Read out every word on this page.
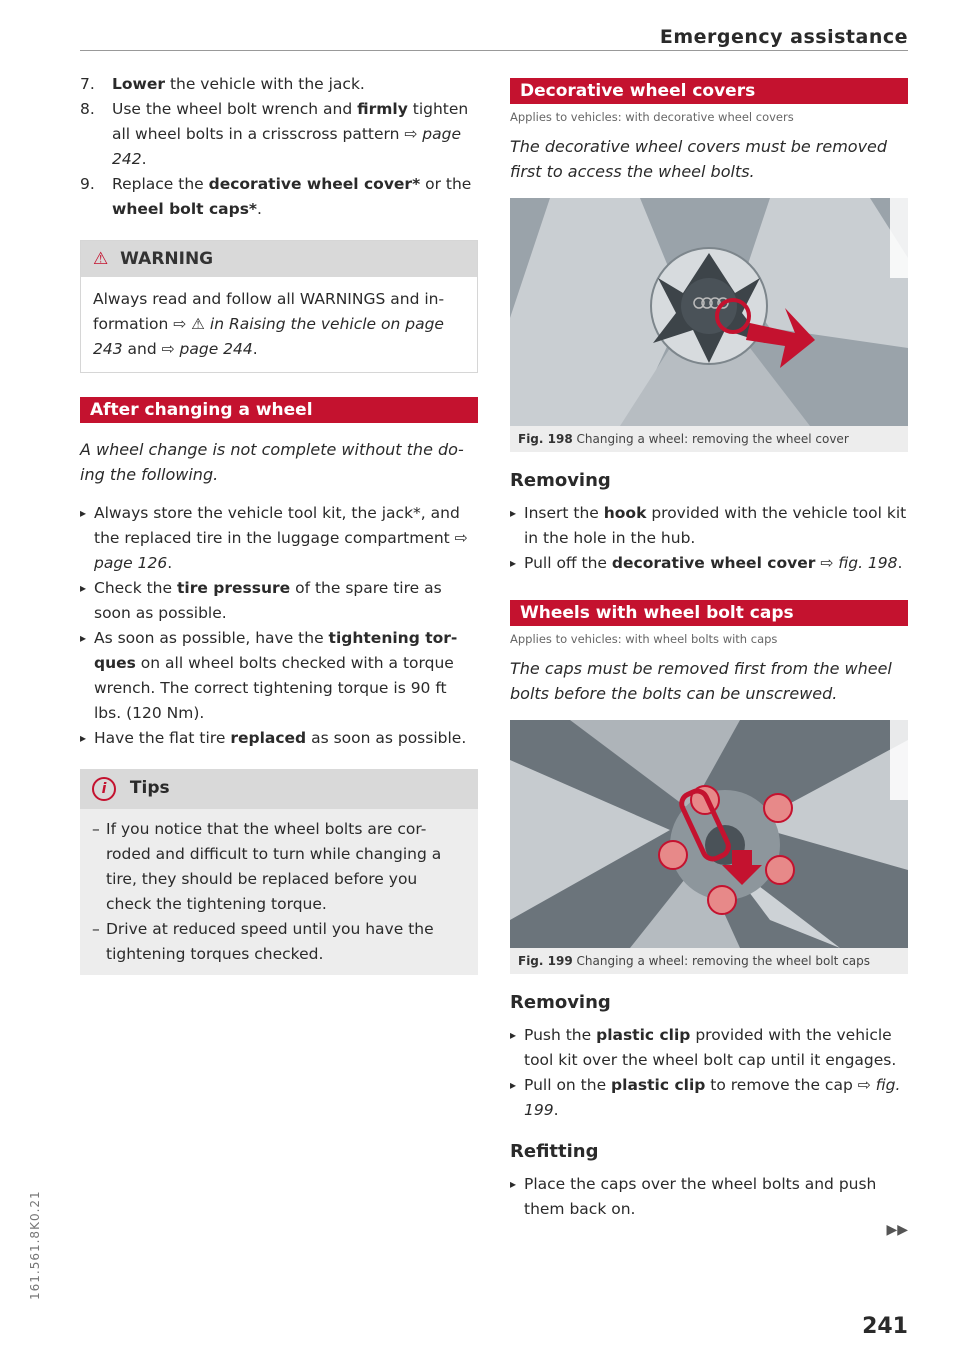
Emergency assistance
7. Lower the vehicle with the jack.
8. Use the wheel bolt wrench and firmly tighten all wheel bolts in a crisscross pattern ⇨ page 242.
9. Replace the decorative wheel cover* or the wheel bolt caps*.
⚠ WARNING
Always read and follow all WARNINGS and in-formation ⇨ ⚠ in Raising the vehicle on page 243 and ⇨ page 244.
After changing a wheel

A wheel change is not complete without the do-ing the following.

▸ Always store the vehicle tool kit, the jack*, and the replaced tire in the luggage compartment ⇨ page 126.
▸ Check the tire pressure of the spare tire as soon as possible.
▸ As soon as possible, have the tightening tor-ques on all wheel bolts checked with a torque wrench. The correct tightening torque is 90 ft lbs. (120 Nm).
▸ Have the flat tire replaced as soon as possible.
i Tips
– If you notice that the wheel bolts are cor-roded and difficult to turn while changing a tire, they should be replaced before you check the tightening torque.
– Drive at reduced speed until you have the tightening torques checked.
Decorative wheel covers
Applies to vehicles: with decorative wheel covers

The decorative wheel covers must be removed first to access the wheel bolts.

Fig. 198 Changing a wheel: removing the wheel cover
Removing
▸ Insert the hook provided with the vehicle tool kit in the hole in the hub.
▸ Pull off the decorative wheel cover ⇨ fig. 198.
Wheels with wheel bolt caps
Applies to vehicles: with wheel bolts with caps

The caps must be removed first from the wheel bolts before the bolts can be unscrewed.

Fig. 199 Changing a wheel: removing the wheel bolt caps
Removing
▸ Push the plastic clip provided with the vehicle tool kit over the wheel bolt cap until it engages.
▸ Pull on the plastic clip to remove the cap ⇨ fig. 199.
Refitting
▸ Place the caps over the wheel bolts and push them back on.
▶▶
241
161.561.8K0.21
